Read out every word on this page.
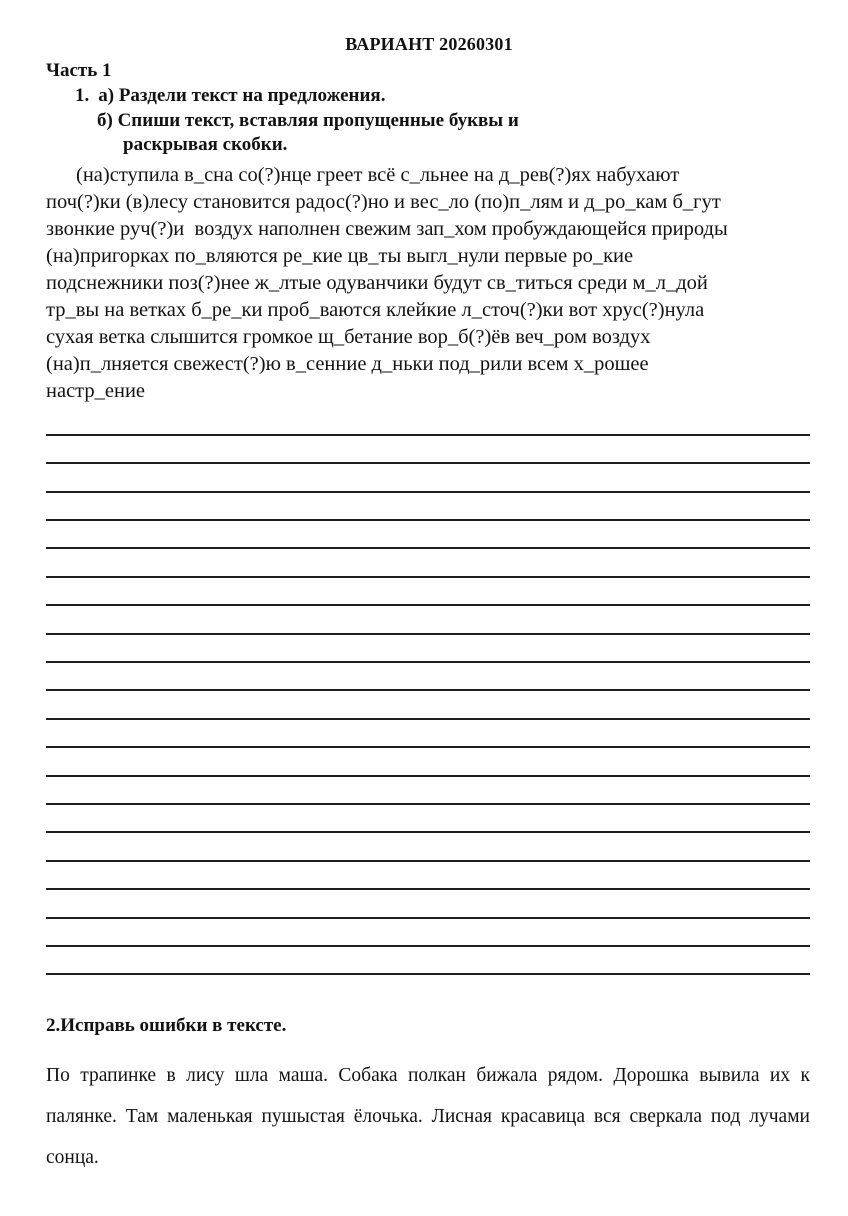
ВАРИАНТ 20260301
Часть 1
1. а) Раздели текст на предложения.
б) Спиши текст, вставляя пропущенные буквы и
раскрывая скобки.
(на)ступила в_сна со(?)нце греет всё с_льнее на д_рев(?)ях набухают
поч(?)ки (в)лесу становится радос(?)но и вес_ло (по)п_лям и д_ро_кам б_гут
звонкие руч(?)и  воздух наполнен свежим зап_хом пробуждающейся природы
(на)пригорках по_вляются ре_кие цв_ты выгл_нули первые ро_кие
подснежники поз(?)нее ж_лтые одуванчики будут св_титься среди м_л_дой
тр_вы на ветках б_ре_ки проб_ваются клейкие л_сточ(?)ки вот хрус(?)нула
сухая ветка слышится громкое щ_бетание вор_б(?)ёв веч_ром воздух
(на)п_лняется свежест(?)ю в_сенние д_ньки под_рили всем х_рошее
настр_ение
2.Исправь ошибки в тексте.
По трапинке в лису шла маша. Собака полкан бижала рядом. Дорошка вывила их к
палянке. Там маленькая пушыстая ёлочька. Лисная красавица вся сверкала под лучами
сонца.
